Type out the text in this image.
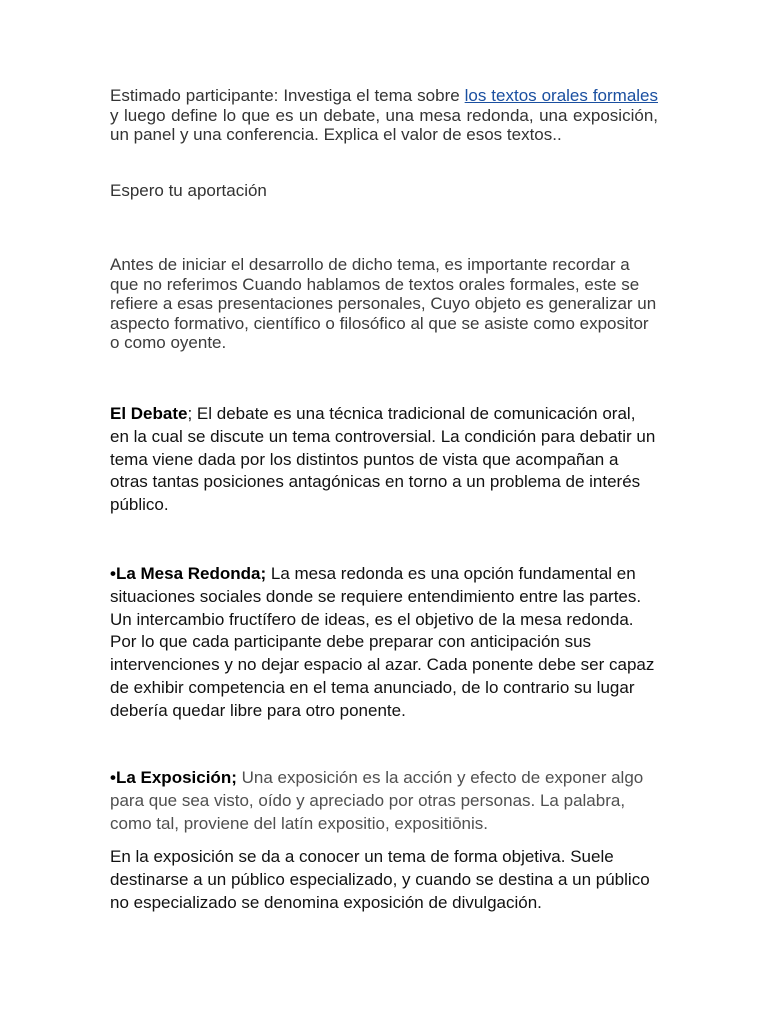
Estimado participante: Investiga el tema sobre los textos orales formales y luego define lo que es un debate, una mesa redonda, una exposición, un panel y una conferencia. Explica el valor de esos textos..

Espero tu aportación

Antes de iniciar el desarrollo de dicho tema, es importante recordar a que no referimos Cuando hablamos de textos orales formales, este se refiere a esas presentaciones personales, Cuyo objeto es generalizar un aspecto formativo, científico o filosófico al que se asiste como expositor o como oyente.

El Debate; El debate es una técnica tradicional de comunicación oral, en la cual se discute un tema controversial. La condición para debatir un tema viene dada por los distintos puntos de vista que acompañan a otras tantas posiciones antagónicas en torno a un problema de interés público.

•La Mesa Redonda; La mesa redonda es una opción fundamental en situaciones sociales donde se requiere entendimiento entre las partes. Un intercambio fructífero de ideas, es el objetivo de la mesa redonda. Por lo que cada participante debe preparar con anticipación sus intervenciones y no dejar espacio al azar. Cada ponente debe ser capaz de exhibir competencia en el tema anunciado, de lo contrario su lugar debería quedar libre para otro ponente.

•La Exposición; Una exposición es la acción y efecto de exponer algo para que sea visto, oído y apreciado por otras personas. La palabra, como tal, proviene del latín expositio, expositiōnis.

En la exposición se da a conocer un tema de forma objetiva. Suele destinarse a un público especializado, y cuando se destina a un público no especializado se denomina exposición de divulgación.
